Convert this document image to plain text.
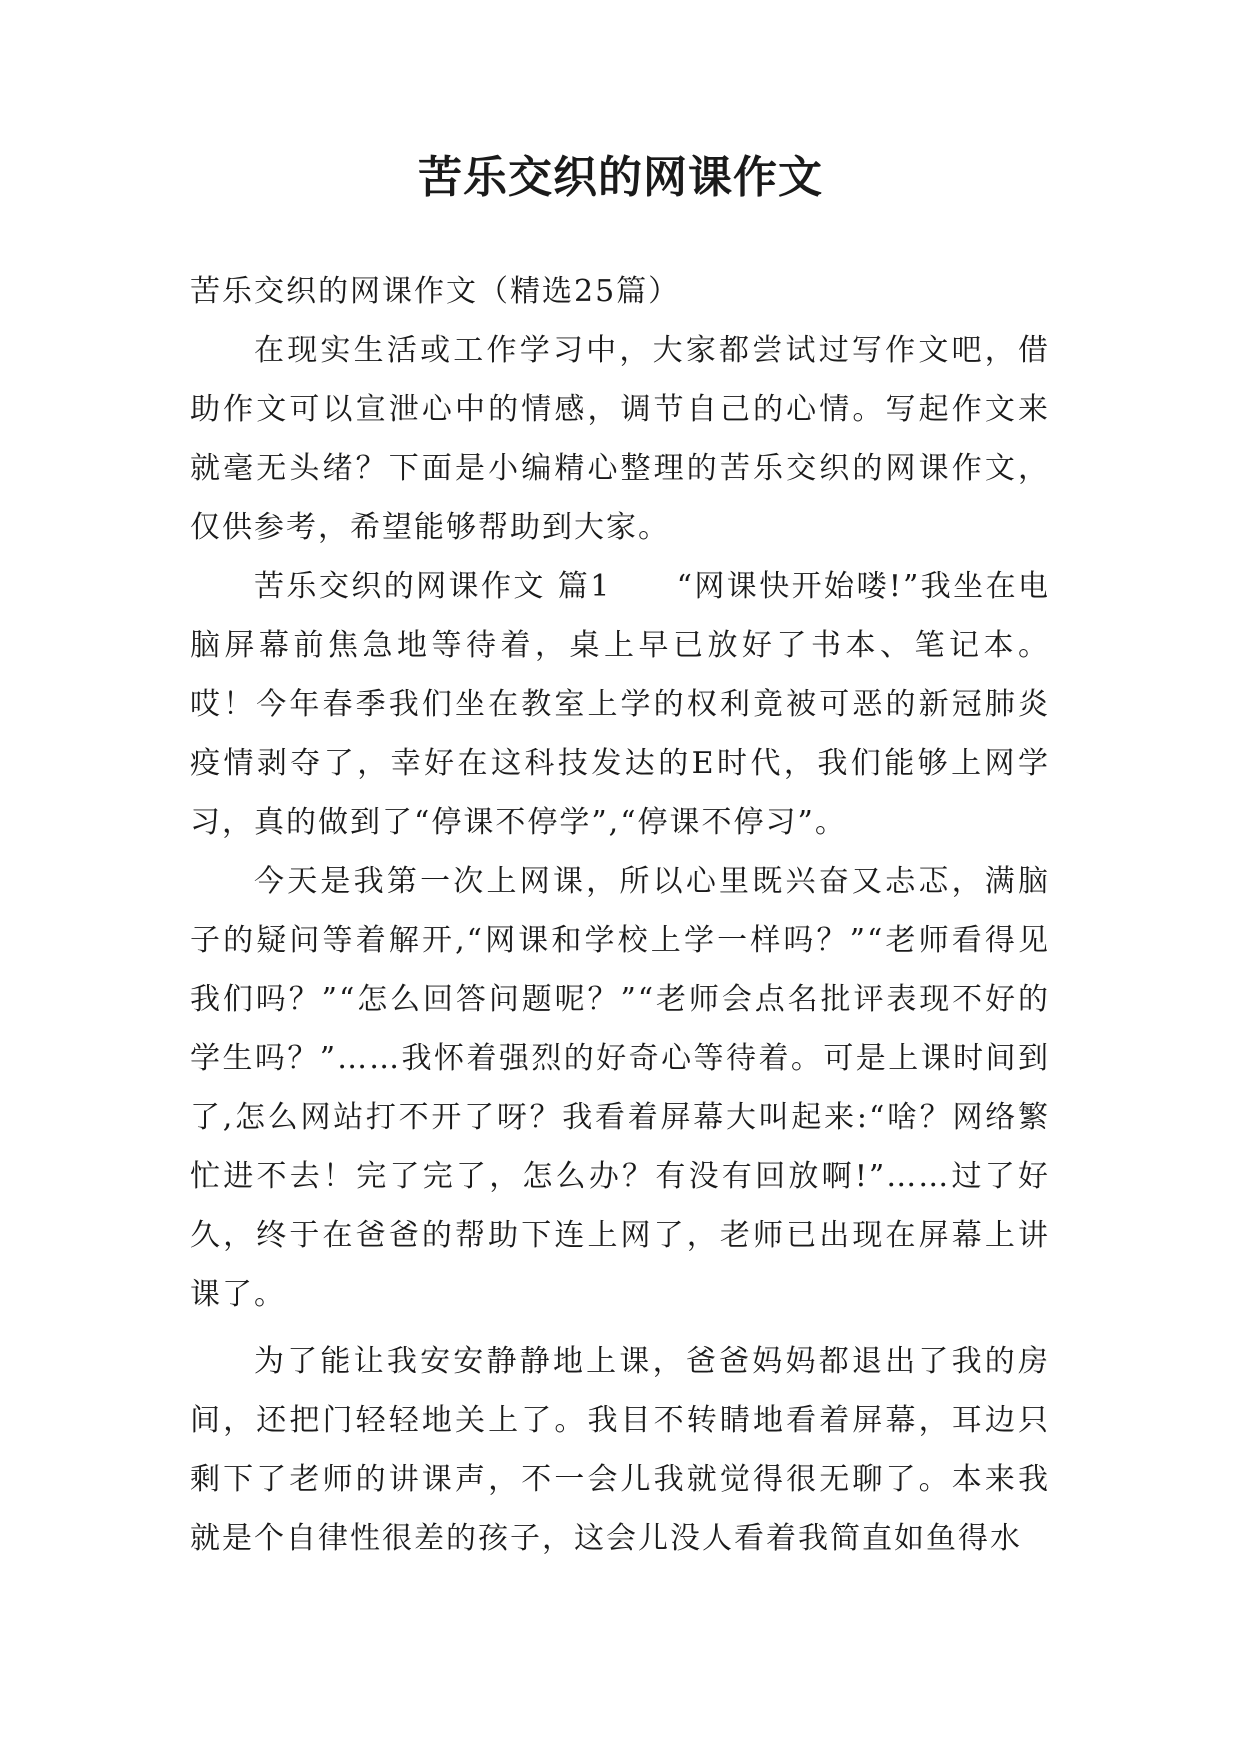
苦乐交织的网课作文

苦乐交织的网课作文（精选25篇）

在现实生活或工作学习中，大家都尝试过写作文吧，借助作文可以宣泄心中的情感，调节自己的心情。写起作文来就毫无头绪？下面是小编精心整理的苦乐交织的网课作文，仅供参考，希望能够帮助到大家。

苦乐交织的网课作文 篇1　　“网课快开始喽!”我坐在电脑屏幕前焦急地等待着，桌上早已放好了书本、笔记本。哎！今年春季我们坐在教室上学的权利竟被可恶的新冠肺炎疫情剥夺了，幸好在这科技发达的E时代，我们能够上网学习，真的做到了“停课不停学”,“停课不停习”。

今天是我第一次上网课，所以心里既兴奋又忐忑，满脑子的疑问等着解开,“网课和学校上学一样吗？”“老师看得见我们吗？”“怎么回答问题呢？”“老师会点名批评表现不好的学生吗？”……我怀着强烈的好奇心等待着。可是上课时间到了,怎么网站打不开了呀？我看着屏幕大叫起来:“啥？网络繁忙进不去！完了完了，怎么办？有没有回放啊!”……过了好久，终于在爸爸的帮助下连上网了，老师已出现在屏幕上讲课了。

为了能让我安安静静地上课，爸爸妈妈都退出了我的房间，还把门轻轻地关上了。我目不转睛地看着屏幕，耳边只剩下了老师的讲课声，不一会儿我就觉得很无聊了。本来我就是个自律性很差的孩子，这会儿没人看着我简直如鱼得水
